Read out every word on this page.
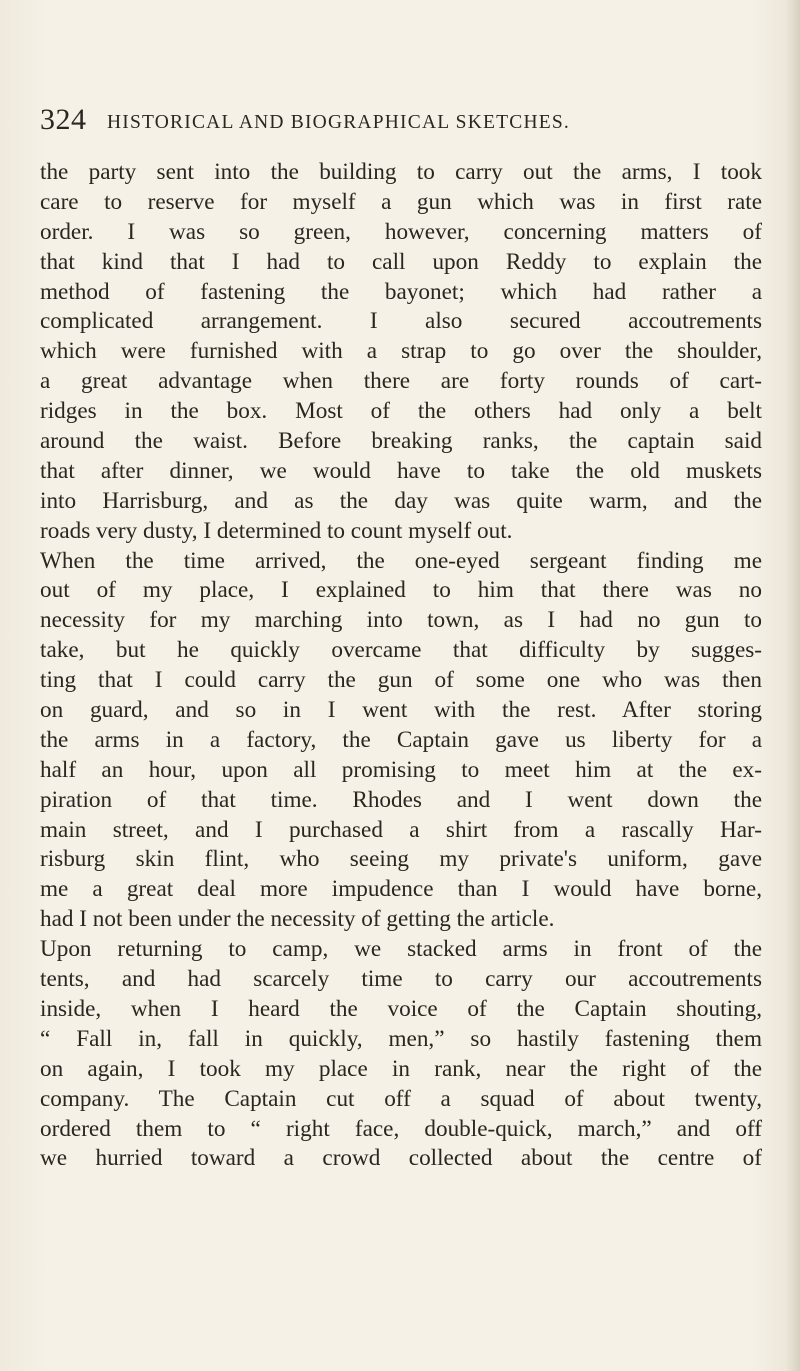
324 HISTORICAL AND BIOGRAPHICAL SKETCHES.
the party sent into the building to carry out the arms, I took
care to reserve for myself a gun which was in first rate
order. I was so green, however, concerning matters of
that kind that I had to call upon Reddy to explain the
method of fastening the bayonet; which had rather a
complicated arrangement. I also secured accoutrements
which were furnished with a strap to go over the shoulder,
a great advantage when there are forty rounds of cart-
ridges in the box. Most of the others had only a belt
around the waist. Before breaking ranks, the captain said
that after dinner, we would have to take the old muskets
into Harrisburg, and as the day was quite warm, and the
roads very dusty, I determined to count myself out.
When the time arrived, the one-eyed sergeant finding me
out of my place, I explained to him that there was no
necessity for my marching into town, as I had no gun to
take, but he quickly overcame that difficulty by sugges-
ting that I could carry the gun of some one who was then
on guard, and so in I went with the rest. After storing
the arms in a factory, the Captain gave us liberty for a
half an hour, upon all promising to meet him at the ex-
piration of that time. Rhodes and I went down the
main street, and I purchased a shirt from a rascally Har-
risburg skin flint, who seeing my private's uniform, gave
me a great deal more impudence than I would have borne,
had I not been under the necessity of getting the article.
Upon returning to camp, we stacked arms in front of the
tents, and had scarcely time to carry our accoutrements
inside, when I heard the voice of the Captain shouting,
“ Fall in, fall in quickly, men,” so hastily fastening them
on again, I took my place in rank, near the right of the
company. The Captain cut off a squad of about twenty,
ordered them to “ right face, double-quick, march,” and off
we hurried toward a crowd collected about the centre of
